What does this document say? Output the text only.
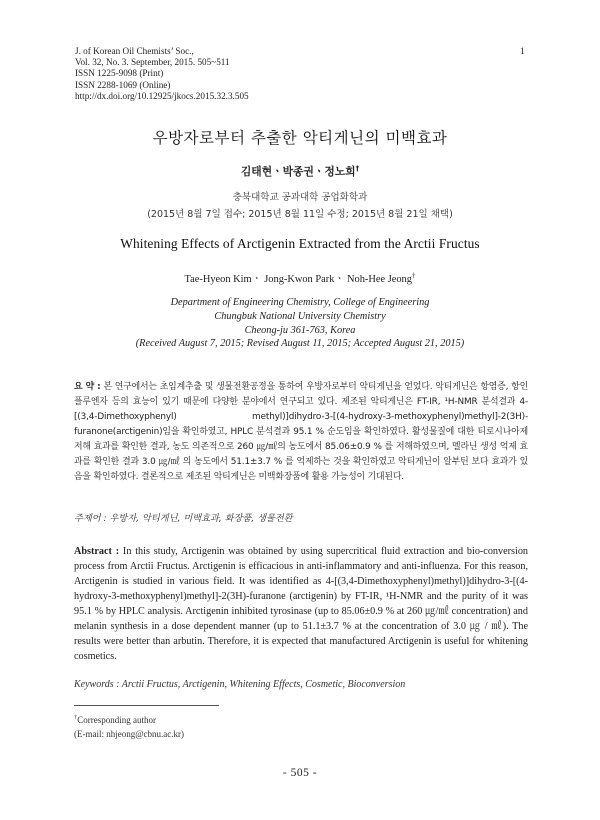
J. of Korean Oil Chemists’ Soc.,
Vol. 32, No. 3. September, 2015. 505~511
ISSN 1225-9098 (Print)
ISSN 2288-1069 (Online)
http://dx.doi.org/10.12925/jkocs.2015.32.3.505
1
우방자로부터 추출한 악티게닌의 미백효과
김태현ㆍ박종권ㆍ정노희†
충북대학교 공과대학 공업화학과
(2015년 8월 7일 접수; 2015년 8월 11일 수정; 2015년 8월 21일 채택)
Whitening Effects of Arctigenin Extracted from the Arctii Fructus
Tae-Hyeon Kimㆍ Jong-Kwon Parkㆍ Noh-Hee Jeong†
Department of Engineering Chemistry, College of Engineering
Chungbuk National University Chemistry
Cheong-ju 361-763, Korea
(Received August 7, 2015; Revised August 11, 2015; Accepted August 21, 2015)
요 약 : 본 연구에서는 초임계추출 및 생물전환공정을 통하여 우방자로부터 악티게닌을 얻었다. 악티게닌은 항염증, 항인플루엔자 등의 효능이 있기 때문에 다양한 분야에서 연구되고 있다. 제조된 악티게닌은 FT-IR, ¹H-NMR 분석결과 4-[(3,4-Dimethoxyphenyl) methyl)]dihydro-3-[(4-hydroxy-3-methoxyphenyl)methyl]-2(3H)-furanone(arctigenin)임을 확인하였고, HPLC 분석결과 95.1 % 순도임을 확인하였다. 활성물질에 대한 티로시나아제 저해 효과를 확인한 결과, 농도 의존적으로 260 ㎍/㎖의 농도에서 85.06±0.9 % 를 저해하였으며, 멜라닌 생성 억제 효과를 확인한 결과 3.0 ㎍/㎖ 의 농도에서 51.1±3.7 % 를 억제하는 것을 확인하였고 악티게닌이 알부틴 보다 효과가 있음을 확인하였다. 결론적으로 제조된 악티게닌은 미백화장품에 활용 가능성이 기대된다.
주제어 : 우방자, 악티게닌, 미백효과, 화장품, 생물전환
Abstract : In this study, Arctigenin was obtained by using supercritical fluid extraction and bio-conversion process from Arctii Fructus. Arctigenin is efficacious in anti-inflammatory and anti-influenza. For this reason, Arctigenin is studied in various field. It was identified as 4-[(3,4-Dimethoxyphenyl)methyl)]dihydro-3-[(4-hydroxy-3-methoxyphenyl)methyl]-2(3H)-furanone (arctigenin) by FT-IR, ¹H-NMR and the purity of it was 95.1 % by HPLC analysis. Arctigenin inhibited tyrosinase (up to 85.06±0.9 % at 260 ㎍/㎖ concentration) and melanin synthesis in a dose dependent manner (up to 51.1±3.7 % at the concentration of 3.0 ㎍ / ㎖). The results were better than arbutin. Therefore, it is expected that manufactured Arctigenin is useful for whitening cosmetics.
Keywords : Arctii Fructus, Arctigenin, Whitening Effects, Cosmetic, Bioconversion
†Corresponding author
(E-mail: nhjeong@cbnu.ac.kr)
- 505 -
